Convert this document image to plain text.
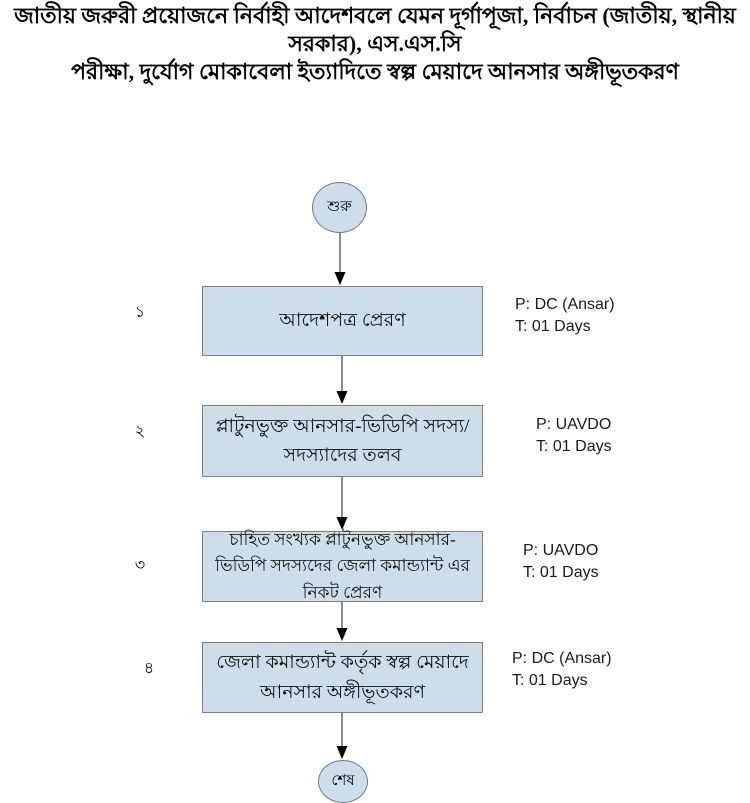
জাতীয় জরুরী প্রয়োজনে নির্বাহী আদেশবলে যেমন দূর্গাপূজা, নির্বাচন (জাতীয়, স্থানীয় সরকার), এস.এস.সি
পরীক্ষা, দুর্যোগ মোকাবেলা ইত্যাদিতে স্বল্প মেয়াদে আনসার অঙ্গীভূতকরণ
শুরু
১	আদেশপত্র প্রেরণ
P: DC (Ansar)
T: 01 Days
২	প্লাটুনভুক্ত আনসার-ভিডিপি সদস্য/সদস্যাদের তলব
P: UAVDO
T: 01 Days
৩
চাহিত সংখ্যক প্লাটুনভুক্ত আনসার-ভিডিপি সদস্যদের জেলা কমান্ড্যান্ট এর নিকট প্রেরণ
P: UAVDO
T: 01 Days
৪	জেলা কমান্ড্যান্ট কর্তৃক স্বল্প মেয়াদে আনসার অঙ্গীভূতকরণ
P: DC (Ansar)
T: 01 Days
শেষ
